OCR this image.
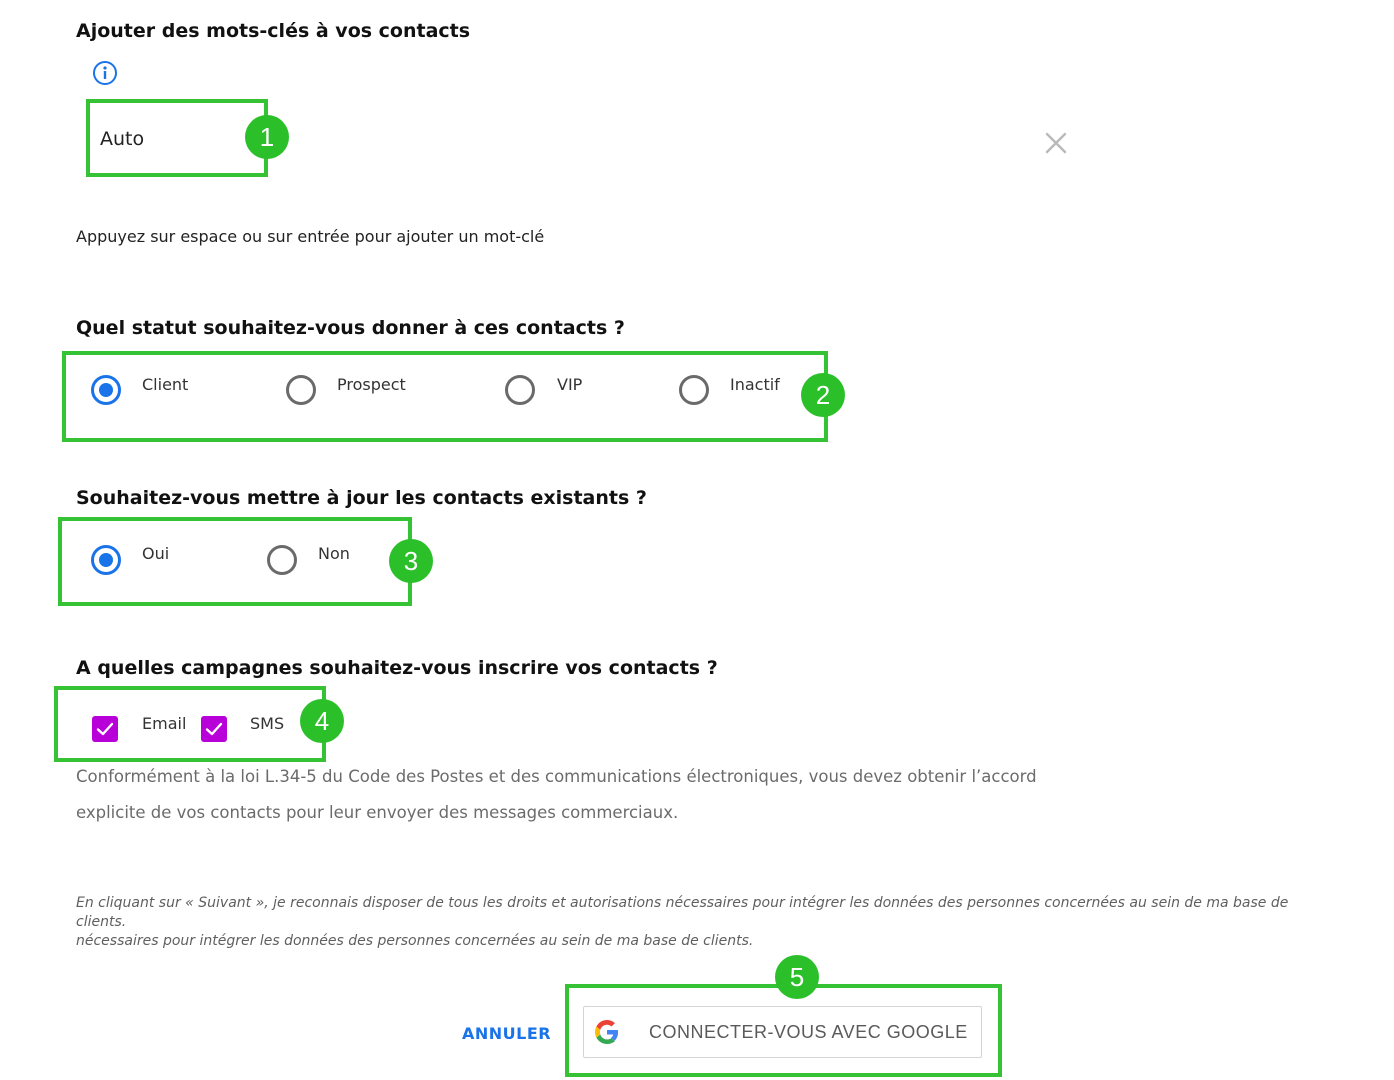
Ajouter des mots-clés à vos contacts
Auto	1
Appuyez sur espace ou sur entrée pour ajouter un mot-clé
Quel statut souhaitez-vous donner à ces contacts ?
Client	Prospect	VIP	Inactif	2
Souhaitez-vous mettre à jour les contacts existants ?
Oui	Non	3
A quelles campagnes souhaitez-vous inscrire vos contacts ?
Email	SMS	4
Conformément à la loi L.34-5 du Code des Postes et des communications électroniques, vous devez obtenir l’accord
explicite de vos contacts pour leur envoyer des messages commerciaux.
En cliquant sur « Suivant », je reconnais disposer de tous les droits et autorisations nécessaires pour intégrer les données des personnes concernées au sein de ma base de clients.
nécessaires pour intégrer les données des personnes concernées au sein de ma base de clients.
ANNULER
5
CONNECTER-VOUS AVEC GOOGLE
